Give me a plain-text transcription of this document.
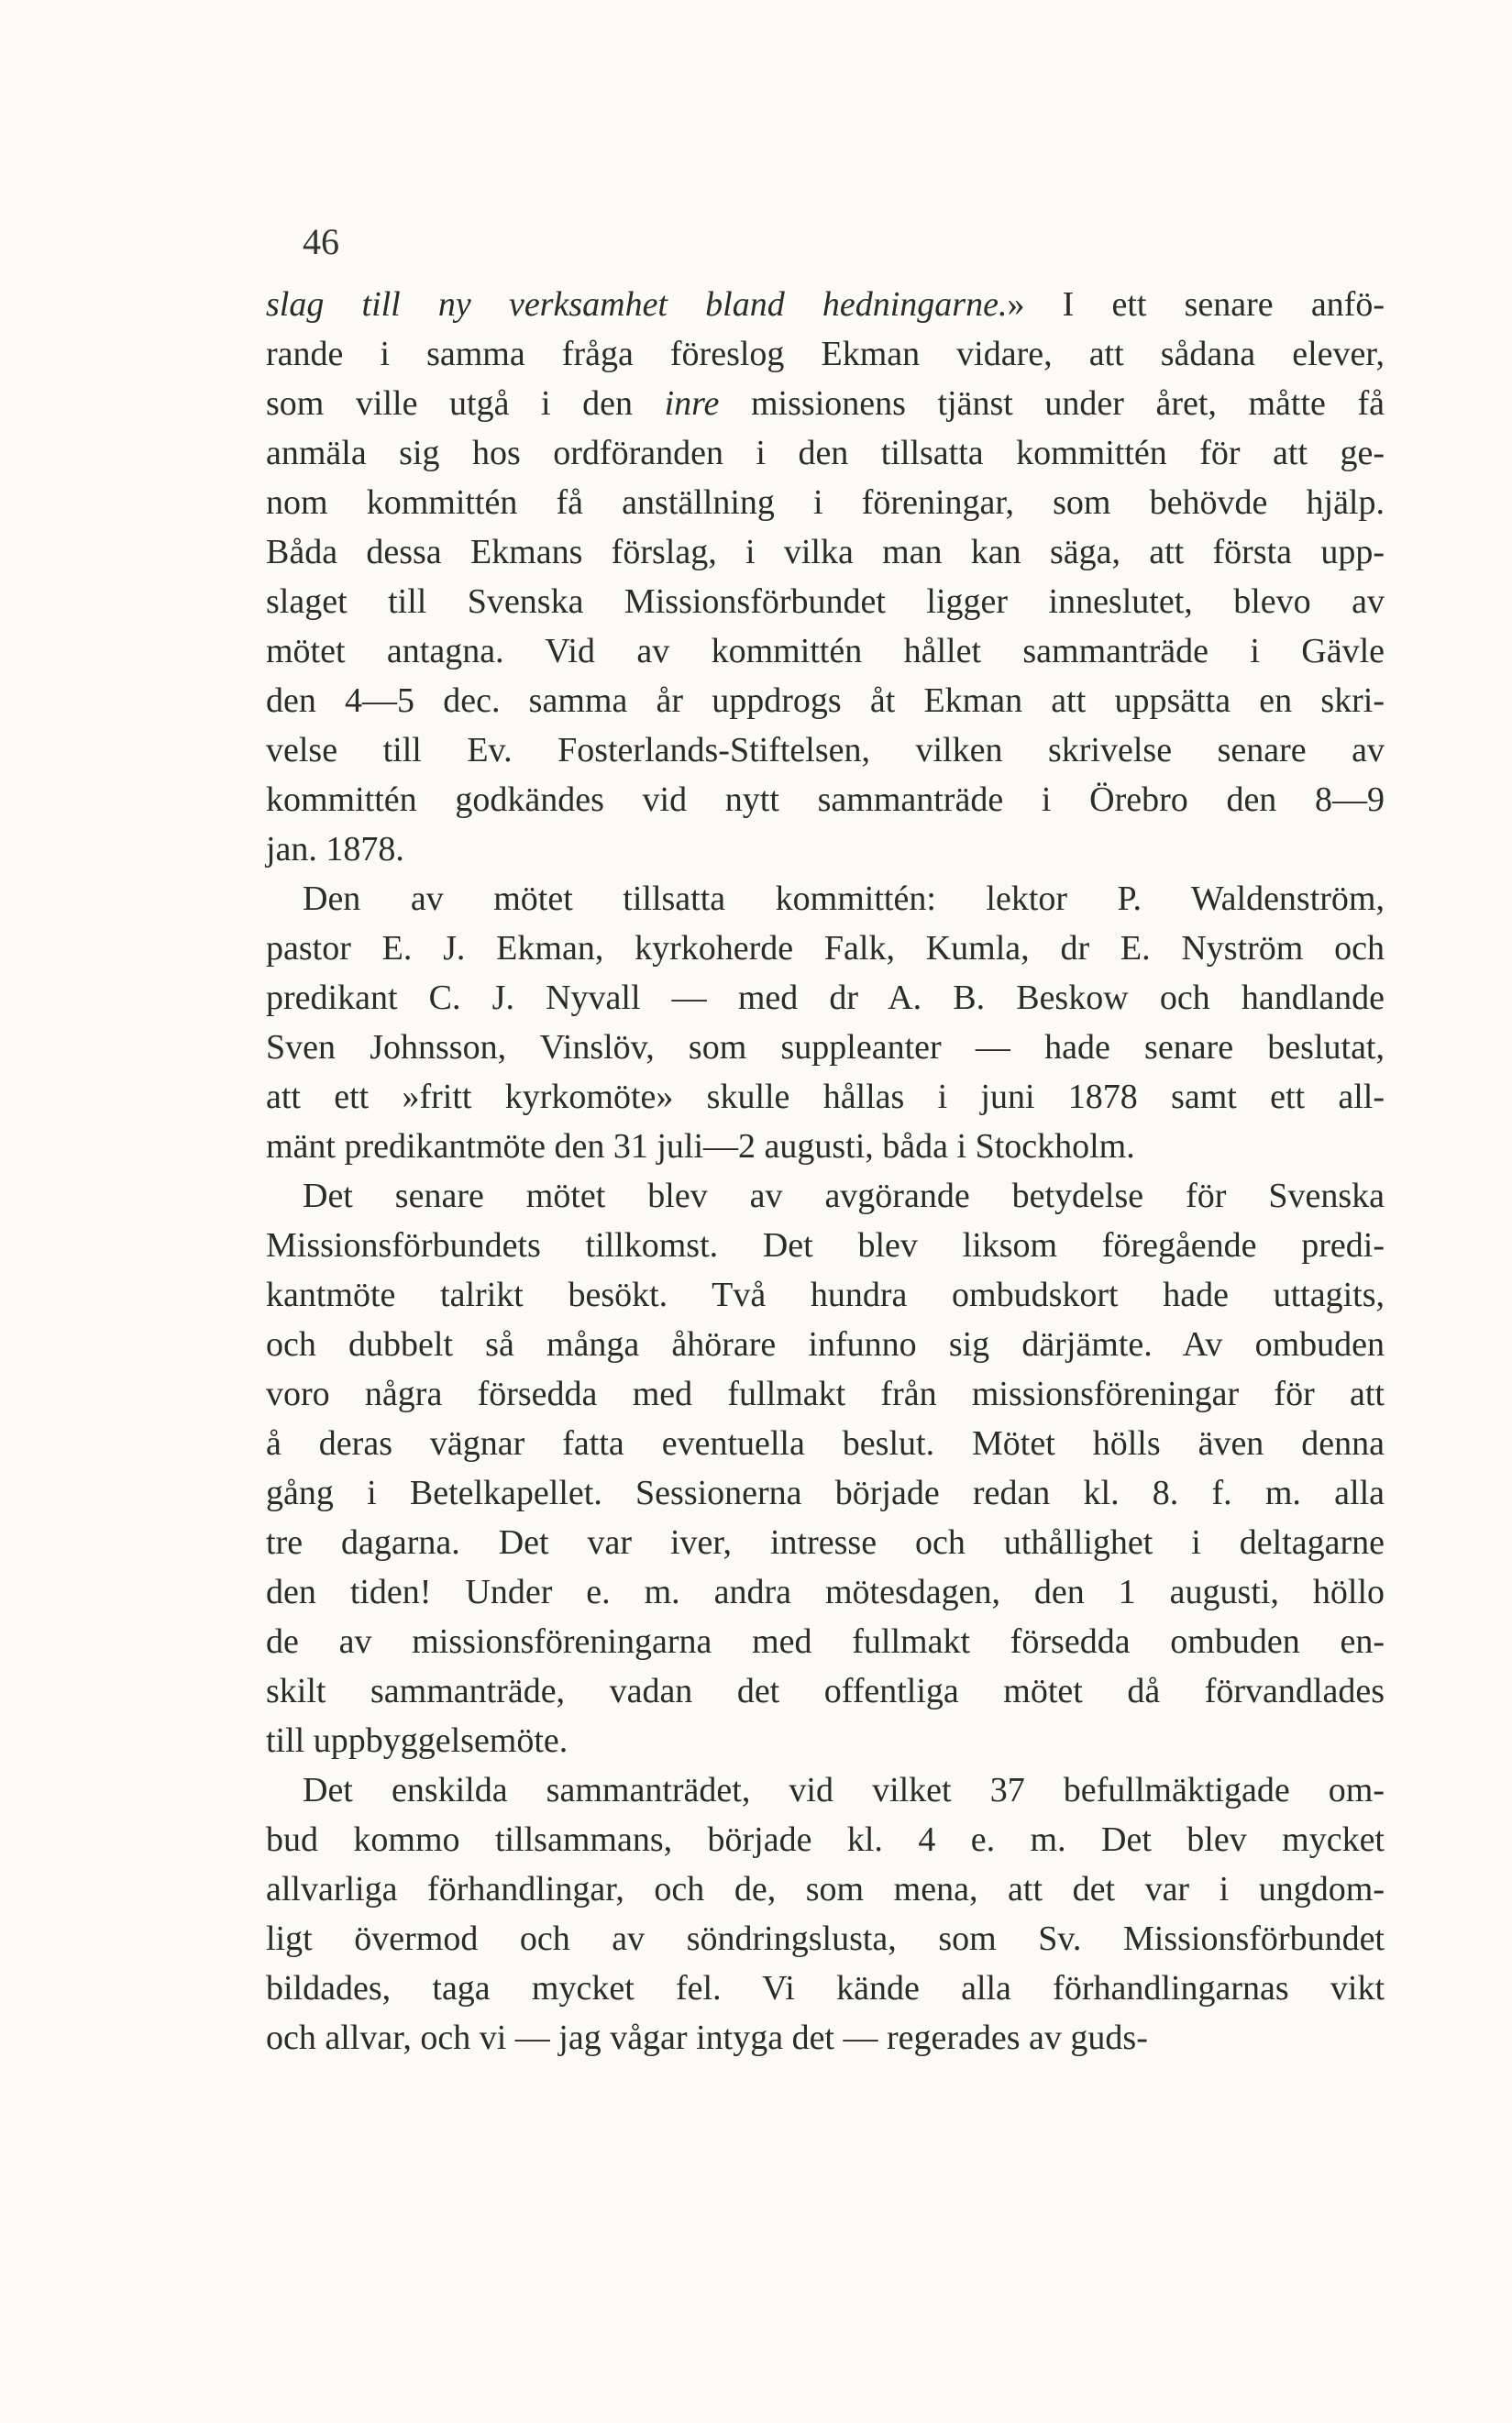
46
slag till ny verksamhet bland hedningarne.» I ett senare anfö-
rande i samma fråga föreslog Ekman vidare, att sådana elever,
som ville utgå i den inre missionens tjänst under året, måtte få
anmäla sig hos ordföranden i den tillsatta kommittén för att ge-
nom kommittén få anställning i föreningar, som behövde hjälp.
Båda dessa Ekmans förslag, i vilka man kan säga, att första upp-
slaget till Svenska Missionsförbundet ligger inneslutet, blevo av
mötet antagna. Vid av kommittén hållet sammanträde i Gävle
den 4—5 dec. samma år uppdrogs åt Ekman att uppsätta en skri-
velse till Ev. Fosterlands-Stiftelsen, vilken skrivelse senare av
kommittén godkändes vid nytt sammanträde i Örebro den 8—9
jan. 1878.
Den av mötet tillsatta kommittén: lektor P. Waldenström,
pastor E. J. Ekman, kyrkoherde Falk, Kumla, dr E. Nyström och
predikant C. J. Nyvall — med dr A. B. Beskow och handlande
Sven Johnsson, Vinslöv, som suppleanter — hade senare beslutat,
att ett »fritt kyrkomöte» skulle hållas i juni 1878 samt ett all-
mänt predikantmöte den 31 juli—2 augusti, båda i Stockholm.
Det senare mötet blev av avgörande betydelse för Svenska
Missionsförbundets tillkomst. Det blev liksom föregående predi-
kantmöte talrikt besökt. Två hundra ombudskort hade uttagits,
och dubbelt så många åhörare infunno sig därjämte. Av ombuden
voro några försedda med fullmakt från missionsföreningar för att
å deras vägnar fatta eventuella beslut. Mötet hölls även denna
gång i Betelkapellet. Sessionerna började redan kl. 8. f. m. alla
tre dagarna. Det var iver, intresse och uthållighet i deltagarne
den tiden! Under e. m. andra mötesdagen, den 1 augusti, höllo
de av missionsföreningarna med fullmakt försedda ombuden en-
skilt sammanträde, vadan det offentliga mötet då förvandlades
till uppbyggelsemöte.
Det enskilda sammanträdet, vid vilket 37 befullmäktigade om-
bud kommo tillsammans, började kl. 4 e. m. Det blev mycket
allvarliga förhandlingar, och de, som mena, att det var i ungdom-
ligt övermod och av söndringslusta, som Sv. Missionsförbundet
bildades, taga mycket fel. Vi kände alla förhandlingarnas vikt
och allvar, och vi — jag vågar intyga det — regerades av guds-
